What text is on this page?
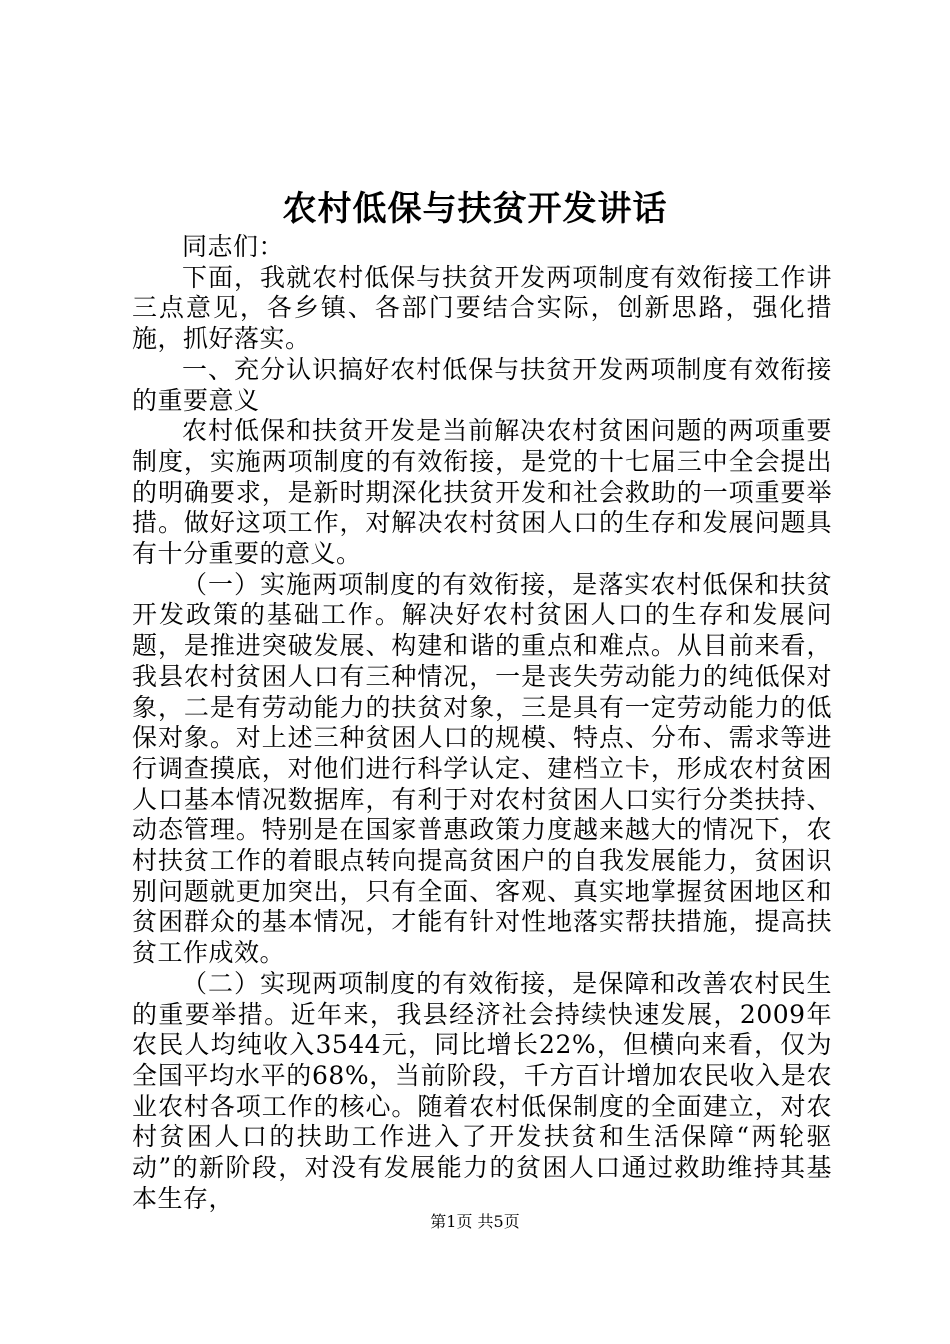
农村低保与扶贫开发讲话

同志们：

下面，我就农村低保与扶贫开发两项制度有效衔接工作讲三点意见，各乡镇、各部门要结合实际，创新思路，强化措施，抓好落实。

一、充分认识搞好农村低保与扶贫开发两项制度有效衔接的重要意义

农村低保和扶贫开发是当前解决农村贫困问题的两项重要制度，实施两项制度的有效衔接，是党的十七届三中全会提出的明确要求，是新时期深化扶贫开发和社会救助的一项重要举措。做好这项工作，对解决农村贫困人口的生存和发展问题具有十分重要的意义。

（一）实施两项制度的有效衔接，是落实农村低保和扶贫开发政策的基础工作。解决好农村贫困人口的生存和发展问题，是推进突破发展、构建和谐的重点和难点。从目前来看，我县农村贫困人口有三种情况，一是丧失劳动能力的纯低保对象，二是有劳动能力的扶贫对象，三是具有一定劳动能力的低保对象。对上述三种贫困人口的规模、特点、分布、需求等进行调查摸底，对他们进行科学认定、建档立卡，形成农村贫困人口基本情况数据库，有利于对农村贫困人口实行分类扶持、动态管理。特别是在国家普惠政策力度越来越大的情况下，农村扶贫工作的着眼点转向提高贫困户的自我发展能力，贫困识别问题就更加突出，只有全面、客观、真实地掌握贫困地区和贫困群众的基本情况，才能有针对性地落实帮扶措施，提高扶贫工作成效。

（二）实现两项制度的有效衔接，是保障和改善农村民生的重要举措。近年来，我县经济社会持续快速发展，2009年农民人均纯收入3544元，同比增长22%，但横向来看，仅为全国平均水平的68%，当前阶段，千方百计增加农民收入是农业农村各项工作的核心。随着农村低保制度的全面建立，对农村贫困人口的扶助工作进入了开发扶贫和生活保障“两轮驱动”的新阶段，对没有发展能力的贫困人口通过救助维持其基本生存，

第1页 共5页
